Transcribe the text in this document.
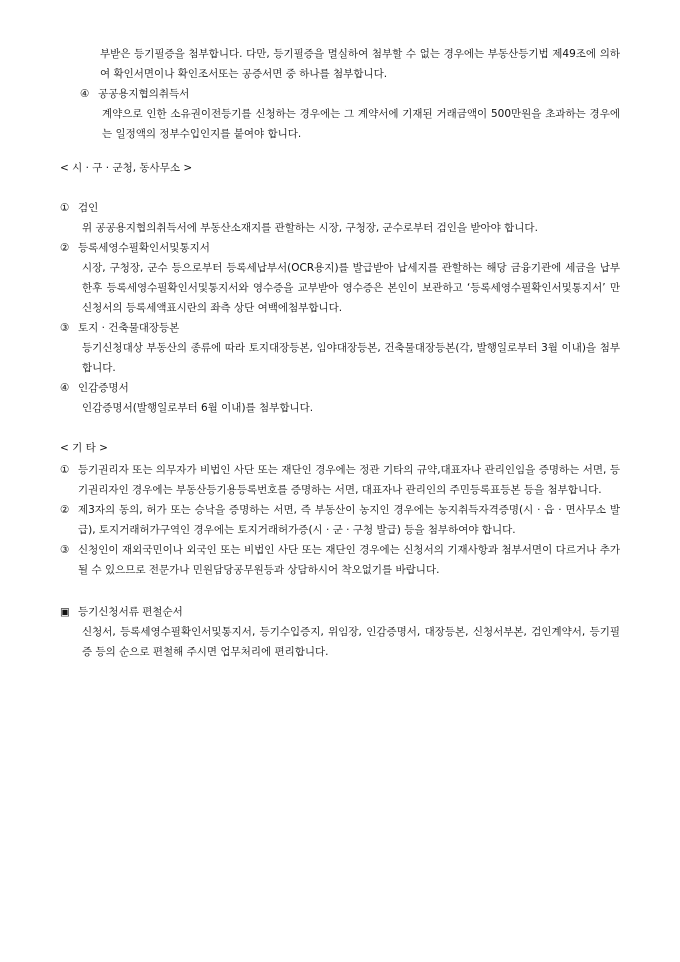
부받은 등기필증을 첨부합니다. 다만, 등기필증을 멸실하여 첨부할 수 없는 경우에는 부동산등기법 제49조에 의하여 확인서면이나 확인조서또는 공증서면 중 하나를 첨부합니다.
④ 공공용지협의취득서
계약으로 인한 소유권이전등기를 신청하는 경우에는 그 계약서에 기재된 거래금액이 500만원을 초과하는 경우에는 일정액의 정부수입인지를 붙여야 합니다.
< 시 · 구 · 군청, 동사무소 >
① 검인
위 공공용지협의취득서에 부동산소재지를 관할하는 시장, 구청장, 군수로부터 검인을 받아야 합니다.
② 등록세영수필확인서및통지서
시장, 구청장, 군수 등으로부터 등록세납부서(OCR용지)를 발급받아 납세지를 관할하는 해당 금융기관에 세금을 납부한후 등록세영수필확인서및통지서와 영수증을 교부받아 영수증은 본인이 보관하고 ‘등록세영수필확인서및통지서’ 만 신청서의 등록세액표시란의 좌측 상단 여백에첨부합니다.
③ 토지 · 건축물대장등본
등기신청대상 부동산의 종류에 따라 토지대장등본, 임야대장등본, 건축물대장등본(각, 발행일로부터 3월 이내)을 첨부합니다.
④ 인감증명서
인감증명서(발행일로부터 6월 이내)를 첨부합니다.
< 기 타 >
① 등기권리자 또는 의무자가 비법인 사단 또는 재단인 경우에는 정관 기타의 규약,대표자나 관리인임을 증명하는 서면, 등기권리자인 경우에는 부동산등기용등록번호를 증명하는 서면, 대표자나 관리인의 주민등록표등본 등을 첨부합니다.
② 제3자의 동의, 허가 또는 승낙을 증명하는 서면, 즉 부동산이 농지인 경우에는 농지취득자격증명(시 · 읍 · 면사무소 발급), 토지거래허가구역인 경우에는 토지거래허가증(시 · 군 · 구청 발급) 등을 첨부하여야 합니다.
③ 신청인이 재외국민이나 외국인 또는 비법인 사단 또는 재단인 경우에는 신청서의 기재사항과 첨부서면이 다르거나 추가될 수 있으므로 전문가나 민원담당공무원등과 상담하시어 착오없기를 바랍니다.
▣ 등기신청서류 편철순서
신청서, 등록세영수필확인서및통지서, 등기수입증지, 위임장, 인감증명서, 대장등본, 신청서부본, 검인계약서, 등기필증 등의 순으로 편철해 주시면 업무처리에 편리합니다.
